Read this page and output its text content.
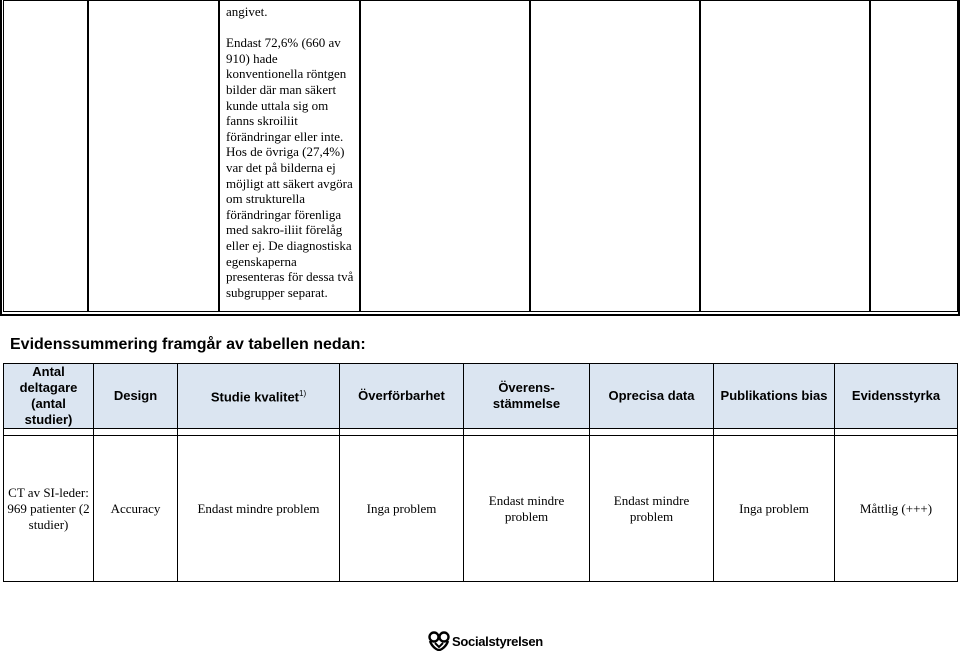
angivet.

Endast 72,6% (660 av 910) hade konventionella röntgen bilder där man säkert kunde uttala sig om fanns skroiliit förändringar eller inte. Hos de övriga (27,4%) var det på bilderna ej möjligt att säkert avgöra om strukturella förändringar förenliga med sakro-iliit förelåg eller ej. De diagnostiska egenskaperna presenteras för dessa två subgrupper separat.

Evidenssummering framgår av tabellen nedan:
Antal deltagare (antal studier)	Design	Studie kvalitet$^{1)}$	Överförbarhet	Överens-stämmelse	Oprecisa data	Publikations bias	Evidensstyrka

CT av SI-leder: 969 patienter (2 studier)	Accuracy	Endast mindre problem	Inga problem	Endast mindre problem	Endast mindre problem	Inga problem	Måttlig (+++)
Socialstyrelsen
